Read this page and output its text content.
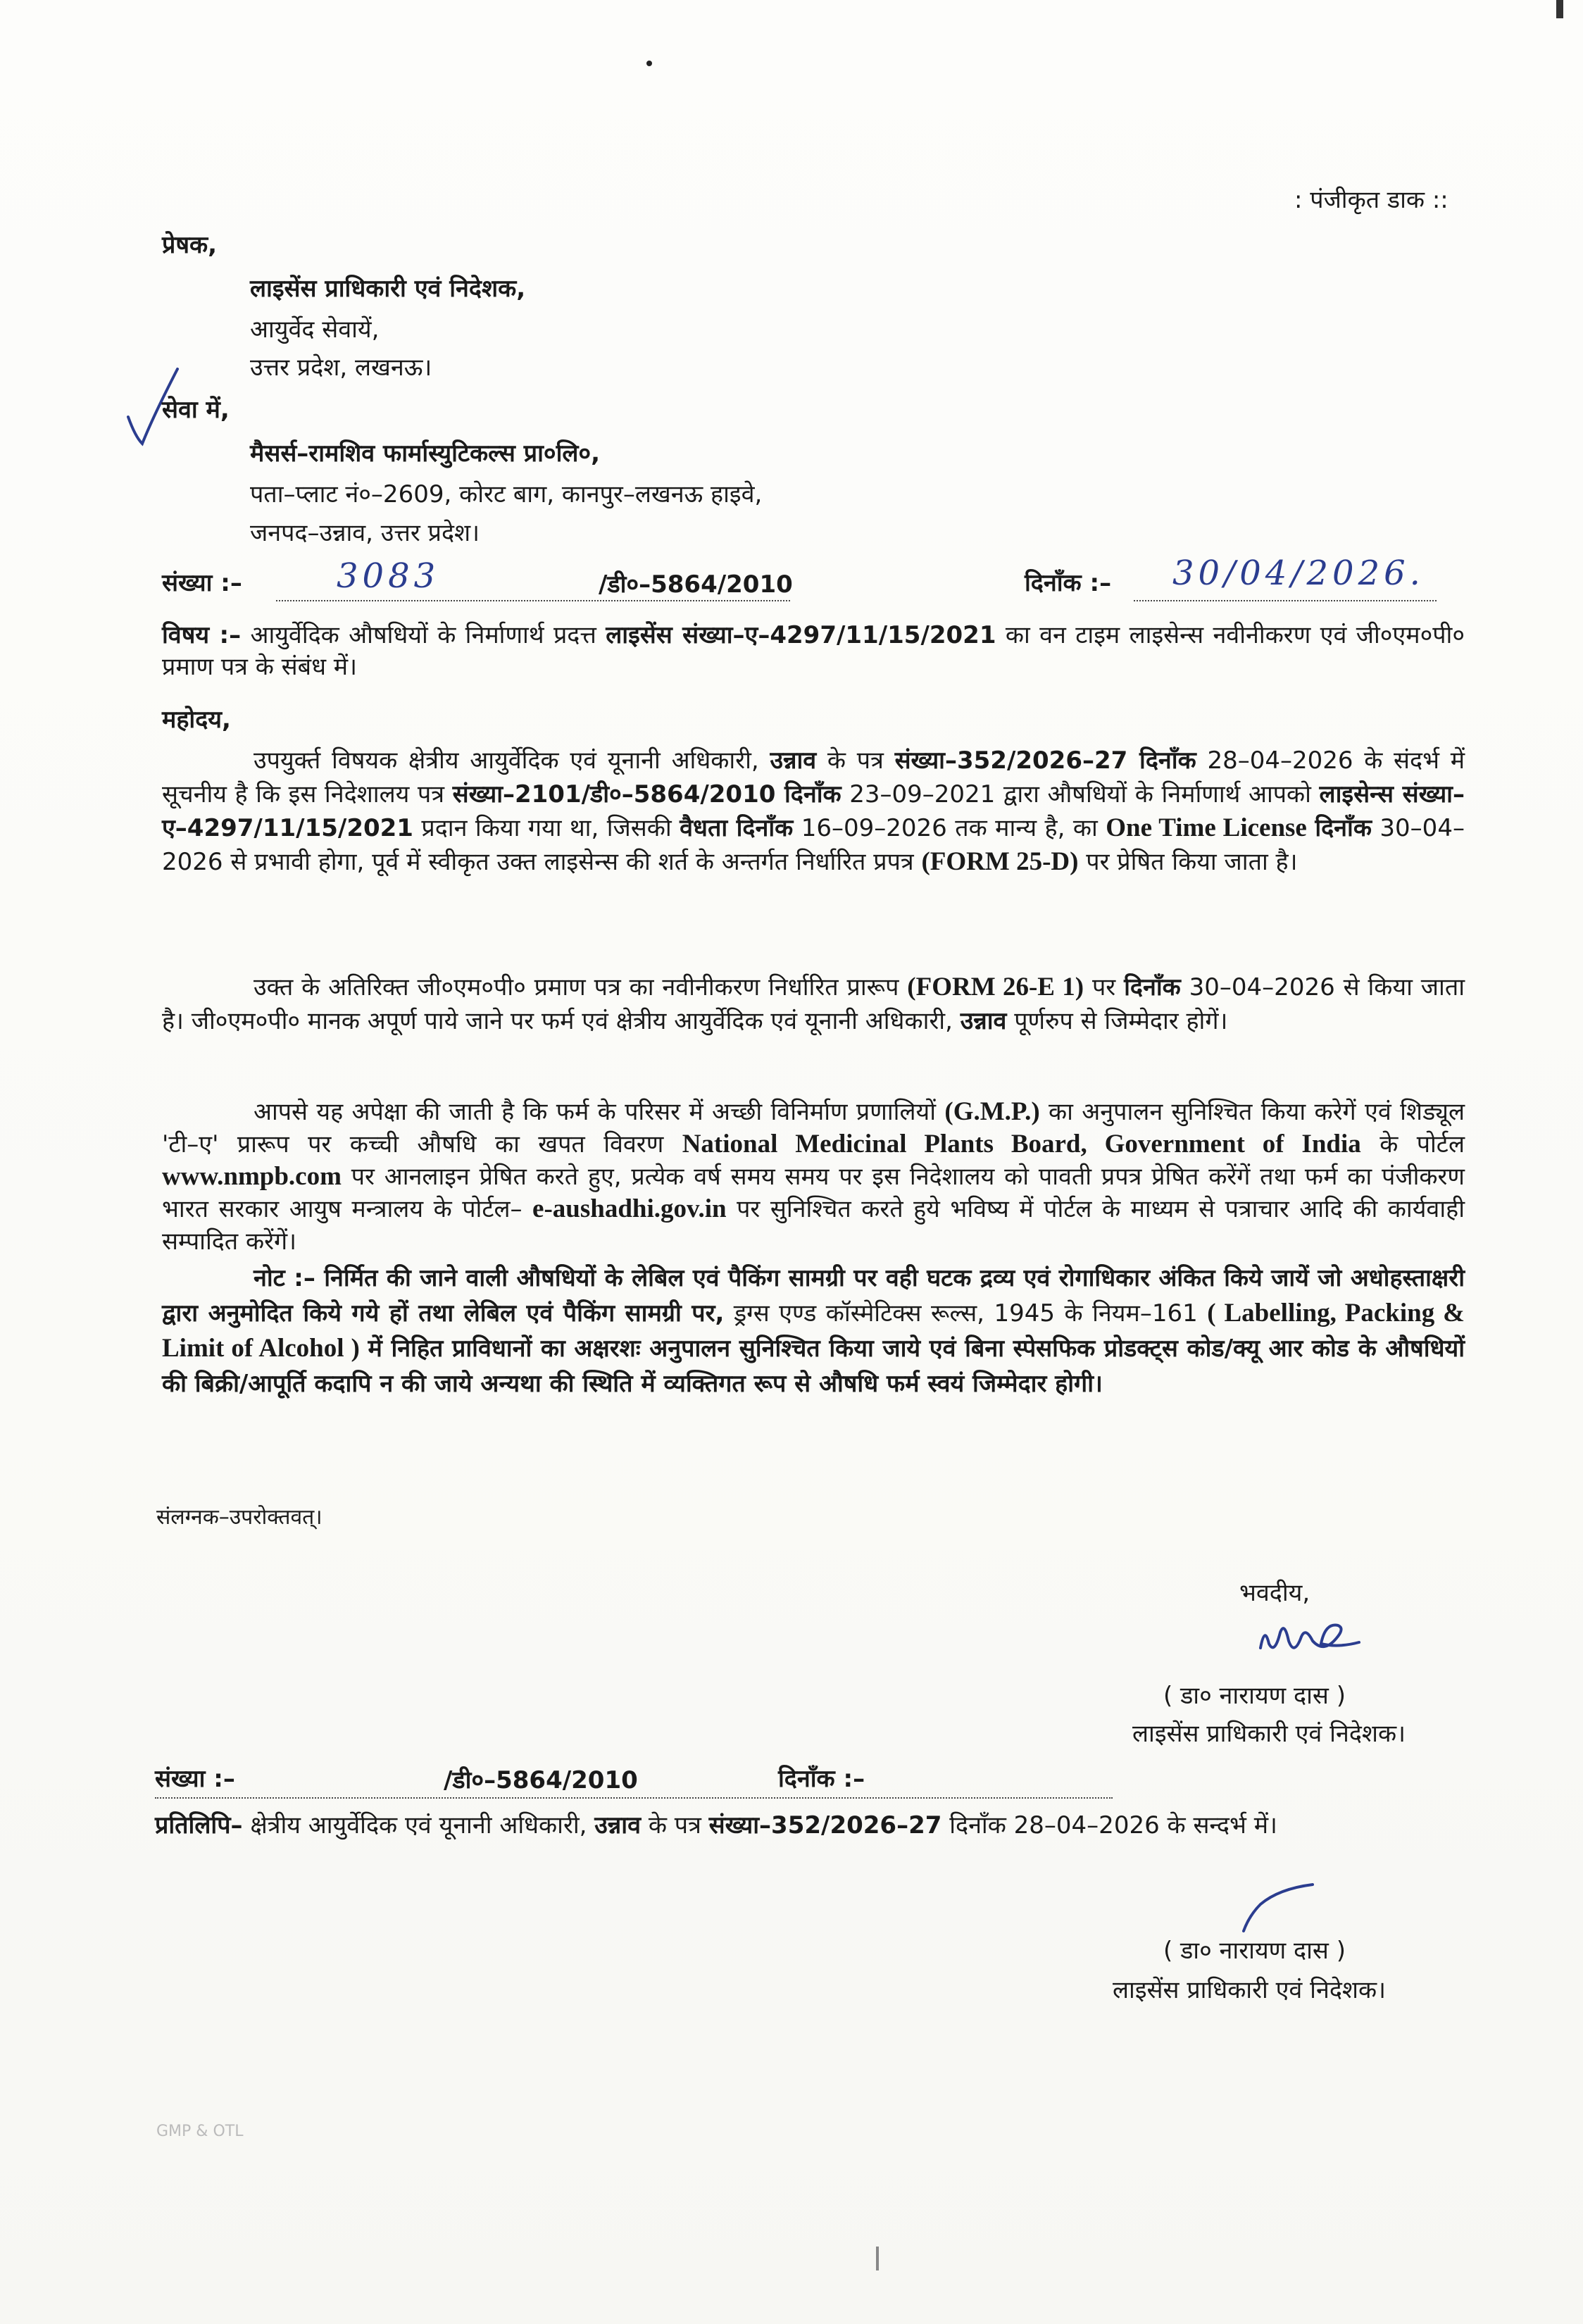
: पंजीकृत डाक ::
प्रेषक,
लाइसेंस प्राधिकारी एवं निदेशक,
आयुर्वेद सेवायें,
उत्तर प्रदेश, लखनऊ।
सेवा में,
मैसर्स–रामशिव फार्मास्युटिकल्स प्रा०लि०,
पता–प्लाट नं०–2609, कोरट बाग, कानपुर–लखनऊ हाइवे,
जनपद–उन्नाव, उत्तर प्रदेश।
संख्या :–	3083	/डी०–5864/2010	दिनाँक :– 30/04/2026.
विषय :– आयुर्वेदिक औषधियों के निर्माणार्थ प्रदत्त लाइसेंस संख्या–ए–4297/11/15/2021 का वन टाइम लाइसेन्स नवीनीकरण एवं जी०एम०पी० प्रमाण पत्र के संबंध में।
महोदय,
उपयुर्क्त विषयक क्षेत्रीय आयुर्वेदिक एवं यूनानी अधिकारी, उन्नाव के पत्र संख्या–352/2026–27 दिनाँक 28–04–2026 के संदर्भ में सूचनीय है कि इस निदेशालय पत्र संख्या–2101/डी०–5864/2010 दिनाँक 23–09–2021 द्वारा औषधियों के निर्माणार्थ आपको लाइसेन्स संख्या–ए–4297/11/15/2021 प्रदान किया गया था, जिसकी वैधता दिनाँक 16–09–2026 तक मान्य है, का One Time License दिनाँक 30–04–2026 से प्रभावी होगा, पूर्व में स्वीकृत उक्त लाइसेन्स की शर्त के अन्तर्गत निर्धारित प्रपत्र (FORM 25-D) पर प्रेषित किया जाता है।
उक्त के अतिरिक्त जी०एम०पी० प्रमाण पत्र का नवीनीकरण निर्धारित प्रारूप (FORM 26-E 1) पर दिनाँक 30–04–2026 से किया जाता है। जी०एम०पी० मानक अपूर्ण पाये जाने पर फर्म एवं क्षेत्रीय आयुर्वेदिक एवं यूनानी अधिकारी, उन्नाव पूर्णरुप से जिम्मेदार होगें।
आपसे यह अपेक्षा की जाती है कि फर्म के परिसर में अच्छी विनिर्माण प्रणालियों (G.M.P.) का अनुपालन सुनिश्चित किया करेगें एवं शिड्यूल 'टी–ए' प्रारूप पर कच्ची औषधि का खपत विवरण National Medicinal Plants Board, Government of India के पोर्टल www.nmpb.com पर आनलाइन प्रेषित करते हुए, प्रत्येक वर्ष समय समय पर इस निदेशालय को पावती प्रपत्र प्रेषित करेंगें तथा फर्म का पंजीकरण भारत सरकार आयुष मन्त्रालय के पोर्टल– e-aushadhi.gov.in पर सुनिश्चित करते हुये भविष्य में पोर्टल के माध्यम से पत्राचार आदि की कार्यवाही सम्पादित करेंगें।
नोट :– निर्मित की जाने वाली औषधियों के लेबिल एवं पैकिंग सामग्री पर वही घटक द्रव्य एवं रोगाधिकार अंकित किये जायें जो अधोहस्ताक्षरी द्वारा अनुमोदित किये गये हों तथा लेबिल एवं पैकिंग सामग्री पर, ड्रग्स एण्ड कॉस्मेटिक्स रूल्स, 1945 के नियम–161 ( Labelling, Packing & Limit of Alcohol ) में निहित प्राविधानों का अक्षरशः अनुपालन सुनिश्चित किया जाये एवं बिना स्पेसफिक प्रोडक्ट्स कोड/क्यू आर कोड के औषधियों की बिक्री/आपूर्ति कदापि न की जाये अन्यथा की स्थिति में व्यक्तिगत रूप से औषधि फर्म स्वयं जिम्मेदार होगी।
संलग्नक–उपरोक्तवत्।
भवदीय,
( डा० नारायण दास )
लाइसेंस प्राधिकारी एवं निदेशक।
संख्या :–	/डी०–5864/2010	दिनाँक :–
प्रतिलिपि– क्षेत्रीय आयुर्वेदिक एवं यूनानी अधिकारी, उन्नाव के पत्र संख्या–352/2026–27 दिनाँक 28–04–2026 के सन्दर्भ में।
( डा० नारायण दास )
लाइसेंस प्राधिकारी एवं निदेशक।
GMP & OTL
